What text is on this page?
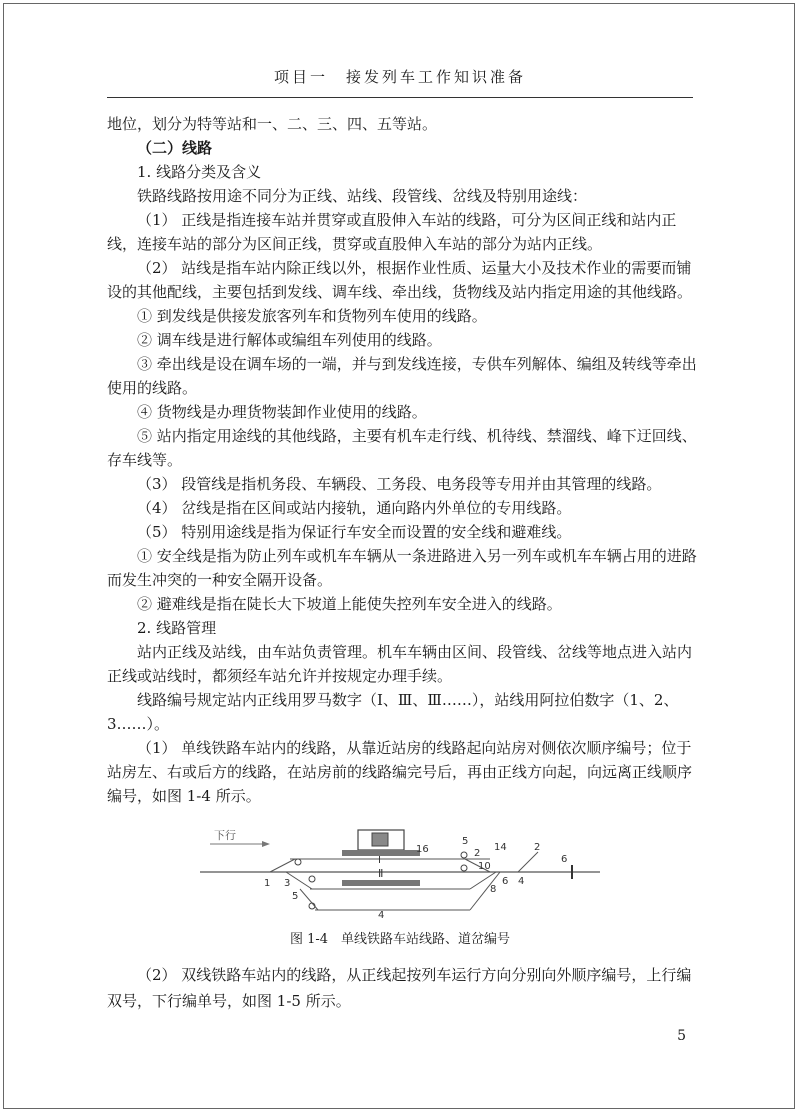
项目一　接发列车工作知识准备

地位，划分为特等站和一、二、三、四、五等站。

（二）线路

1. 线路分类及含义

铁路线路按用途不同分为正线、站线、段管线、岔线及特别用途线：

（1） 正线是指连接车站并贯穿或直股伸入车站的线路，可分为区间正线和站内正线，连接车站的部分为区间正线，贯穿或直股伸入车站的部分为站内正线。

（2） 站线是指车站内除正线以外，根据作业性质、运量大小及技术作业的需要而铺设的其他配线，主要包括到发线、调车线、牵出线，货物线及站内指定用途的其他线路。

① 到发线是供接发旅客列车和货物列车使用的线路。

② 调车线是进行解体或编组车列使用的线路。

③ 牵出线是设在调车场的一端，并与到发线连接，专供车列解体、编组及转线等牵出使用的线路。

④ 货物线是办理货物装卸作业使用的线路。

⑤ 站内指定用途线的其他线路，主要有机车走行线、机待线、禁溜线、峰下迂回线、存车线等。

（3） 段管线是指机务段、车辆段、工务段、电务段等专用并由其管理的线路。

（4） 岔线是指在区间或站内接轨，通向路内外单位的专用线路。

（5） 特别用途线是指为保证行车安全而设置的安全线和避难线。

① 安全线是指为防止列车或机车车辆从一条进路进入另一列车或机车车辆占用的进路而发生冲突的一种安全隔开设备。

② 避难线是指在陡长大下坡道上能使失控列车安全进入的线路。

2. 线路管理

站内正线及站线，由车站负责管理。机车车辆由区间、段管线、岔线等地点进入站内正线或站线时，都须经车站允许并按规定办理手续。

线路编号规定站内正线用罗马数字（Ⅰ、Ⅲ、Ⅲ……），站线用阿拉伯数字（1、2、3……）。

（1） 单线铁路车站内的线路，从靠近站房的线路起向站房对侧依次顺序编号；位于站房左、右或后方的线路，在站房前的线路编完号后，再由正线方向起，向远离正线顺序编号，如图 1-4 所示。

下行
Ⅱ
Ⅰ
4
1 3
5
16
5
2
14
10
8
6 4
2
6
图 1-4　单线铁路车站线路、道岔编号

（2） 双线铁路车站内的线路，从正线起按列车运行方向分别向外顺序编号，上行编双号，下行编单号，如图 1-5 所示。

5
